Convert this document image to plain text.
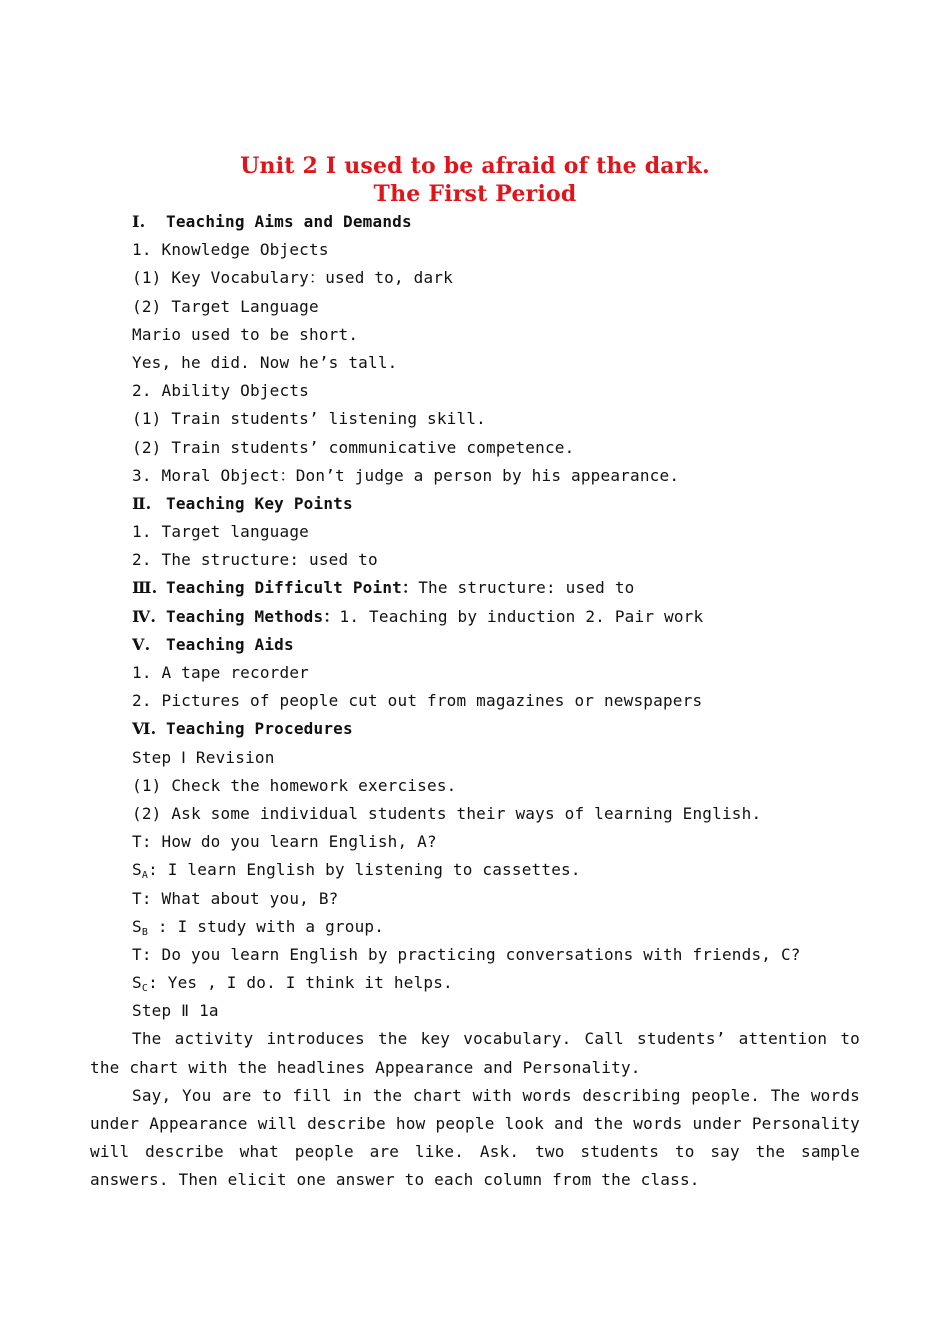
Unit 2 I used to be afraid of the dark.
The First Period
Ⅰ. Teaching Aims and Demands
1. Knowledge Objects
(1) Key Vocabulary：used to, dark
(2) Target Language
Mario used to be short.
Yes, he did. Now he’s tall.
2. Ability Objects
(1) Train students’ listening skill.
(2) Train students’ communicative competence.
3. Moral Object：Don’t judge a person by his appearance.
Ⅱ. Teaching Key Points
1. Target language
2. The structure: used to
Ⅲ. Teaching Difficult Point：The structure: used to
Ⅳ. Teaching Methods：1. Teaching by induction 2. Pair work
Ⅴ. Teaching Aids
1. A tape recorder
2. Pictures of people cut out from magazines or newspapers
Ⅵ. Teaching Procedures
Step Ⅰ Revision
(1) Check the homework exercises.
(2) Ask some individual students their ways of learning English.
T: How do you learn English, A?
$S_A$: I learn English by listening to cassettes.
T: What about you, B?
$S_B$ : I study with a group.
T: Do you learn English by practicing conversations with friends, C?
$S_C$: Yes , I do. I think it helps.
Step Ⅱ 1a

The activity introduces the key vocabulary. Call students’ attention to the chart with the headlines Appearance and Personality.

Say, You are to fill in the chart with words describing people. The words under Appearance will describe how people look and the words under Personality will describe what people are like. Ask. two students to say the sample answers. Then elicit one answer to each column from the class.
